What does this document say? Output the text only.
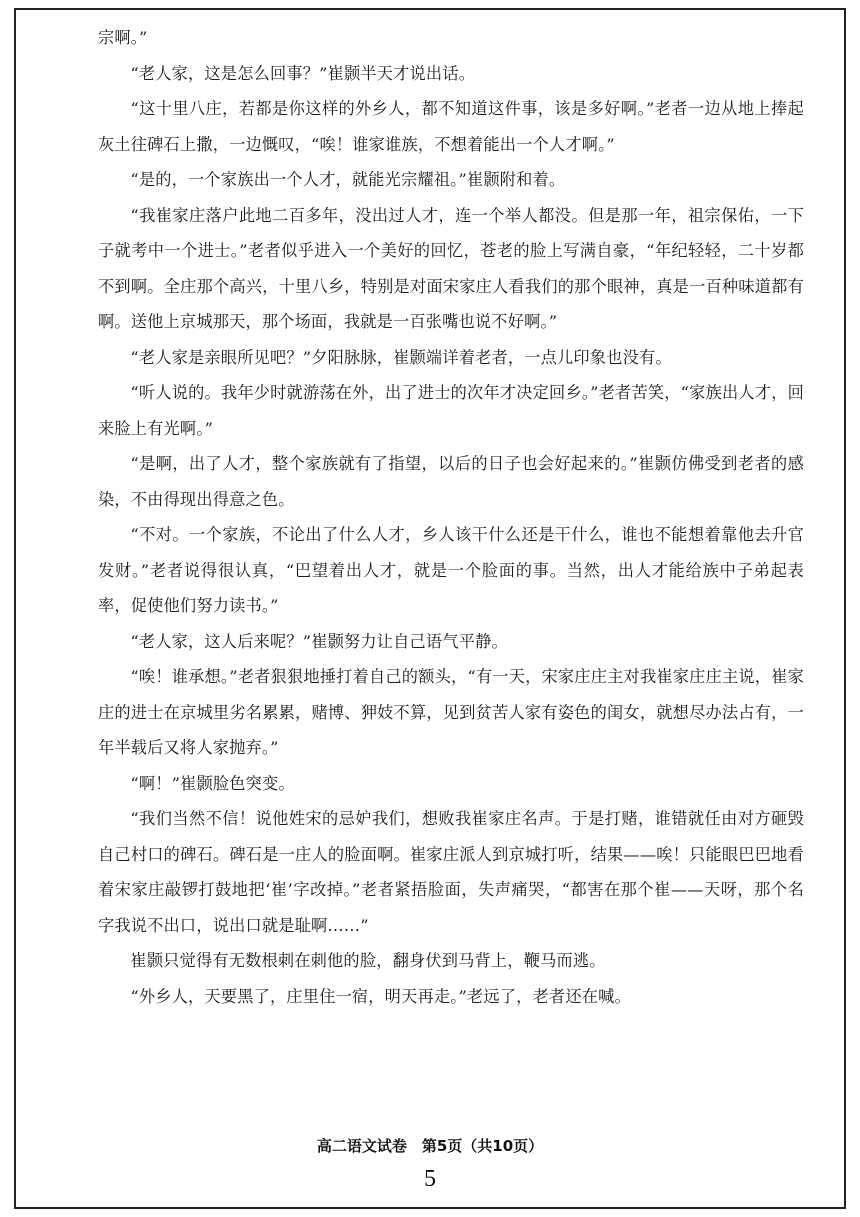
宗啊。”

“老人家，这是怎么回事？”崔颢半天才说出话。

“这十里八庄，若都是你这样的外乡人，都不知道这件事，该是多好啊。”老者一边从地上捧起灰土往碑石上撒，一边慨叹，“唉！谁家谁族，不想着能出一个人才啊。”

“是的，一个家族出一个人才，就能光宗耀祖。”崔颢附和着。

“我崔家庄落户此地二百多年，没出过人才，连一个举人都没。但是那一年，祖宗保佑，一下子就考中一个进士。”老者似乎进入一个美好的回忆，苍老的脸上写满自豪，“年纪轻轻，二十岁都不到啊。全庄那个高兴，十里八乡，特别是对面宋家庄人看我们的那个眼神，真是一百种味道都有啊。送他上京城那天，那个场面，我就是一百张嘴也说不好啊。”

“老人家是亲眼所见吧？”夕阳脉脉，崔颢端详着老者，一点儿印象也没有。

“听人说的。我年少时就游荡在外，出了进士的次年才决定回乡。”老者苦笑，“家族出人才，回来脸上有光啊。”

“是啊，出了人才，整个家族就有了指望，以后的日子也会好起来的。”崔颢仿佛受到老者的感染，不由得现出得意之色。

“不对。一个家族，不论出了什么人才，乡人该干什么还是干什么，谁也不能想着靠他去升官发财。”老者说得很认真，“巴望着出人才，就是一个脸面的事。当然，出人才能给族中子弟起表率，促使他们努力读书。”

“老人家，这人后来呢？”崔颢努力让自己语气平静。

“唉！谁承想。”老者狠狠地捶打着自己的额头，“有一天，宋家庄庄主对我崔家庄庄主说，崔家庄的进士在京城里劣名累累，赌博、狎妓不算，见到贫苦人家有姿色的闺女，就想尽办法占有，一年半载后又将人家抛弃。”

“啊！”崔颢脸色突变。

“我们当然不信！说他姓宋的忌妒我们，想败我崔家庄名声。于是打赌，谁错就任由对方砸毁自己村口的碑石。碑石是一庄人的脸面啊。崔家庄派人到京城打听，结果——唉！只能眼巴巴地看着宋家庄敲锣打鼓地把‘崔’字改掉。”老者紧捂脸面，失声痛哭，“都害在那个崔——天呀，那个名字我说不出口，说出口就是耻啊……”

崔颢只觉得有无数根刺在刺他的脸，翻身伏到马背上，鞭马而逃。

“外乡人，天要黑了，庄里住一宿，明天再走。”老远了，老者还在喊。

高二语文试卷　第5页（共10页）
5
